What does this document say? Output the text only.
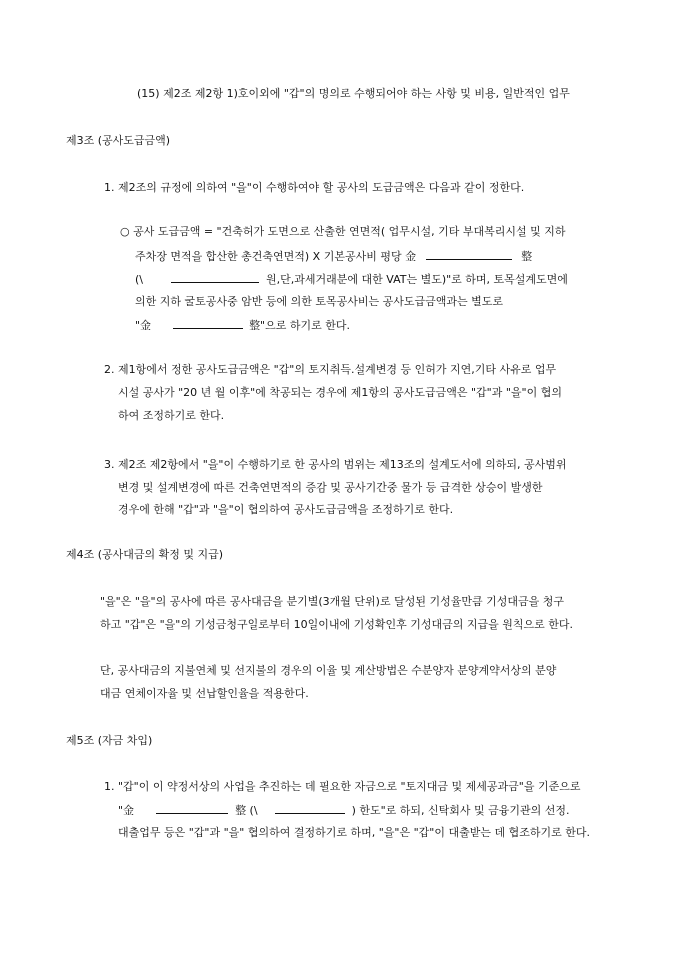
(15) 제2조 제2항 1)호이외에 "갑"의 명의로 수행되어야 하는 사항 및 비용, 일반적인 업무
제3조 (공사도급금액)
1. 제2조의 규정에 의하여 "을"이 수행하여야 할 공사의 도급금액은 다음과 같이 정한다.
○ 공사 도급금액 = "건축허가 도면으로 산출한 연면적( 업무시설, 기타 부대복리시설 및 지하
주차장 면적을 합산한 총건축연면적) X 기본공사비 평당 金	整
(\	원,단,과세거래분에 대한 VAT는 별도)"로 하며, 토목설계도면에
의한 지하 굴토공사중 암반 등에 의한 토목공사비는 공사도급금액과는 별도로
"金	整"으로 하기로 한다.
2. 제1항에서 정한 공사도급금액은 "갑"의 토지취득.설계변경 등 인허가 지연,기타 사유로 업무
시설 공사가 "20 년 월 이후"에 착공되는 경우에 제1항의 공사도급금액은 "갑"과 "을"이 협의
하여 조정하기로 한다.
3. 제2조 제2항에서 "을"이 수행하기로 한 공사의 범위는 제13조의 설계도서에 의하되, 공사범위
변경 및 설계변경에 따른 건축연면적의 증감 및 공사기간중 물가 등 급격한 상승이 발생한
경우에 한해 "갑"과 "을"이 협의하여 공사도급금액을 조정하기로 한다.
제4조 (공사대금의 확정 및 지급)
"을"은 "을"의 공사에 따른 공사대금을 분기별(3개월 단위)로 달성된 기성율만큼 기성대금을 청구
하고 "갑"은 "을"의 기성금청구일로부터 10일이내에 기성확인후 기성대금의 지급을 원칙으로 한다.
단, 공사대금의 지불연체 및 선지불의 경우의 이율 및 계산방법은 수분양자 분양계약서상의 분양
대금 연체이자율 및 선납할인율을 적용한다.
제5조 (자금 차입)
1. "갑"이 이 약정서상의 사업을 추진하는 데 필요한 자금으로 "토지대금 및 제세공과금"을 기준으로
"金	整 (\	) 한도"로 하되, 신탁회사 및 금융기관의 선정.
대출업무 등은 "갑"과 "을" 협의하여 결정하기로 하며, "을"은 "갑"이 대출받는 데 협조하기로 한다.
